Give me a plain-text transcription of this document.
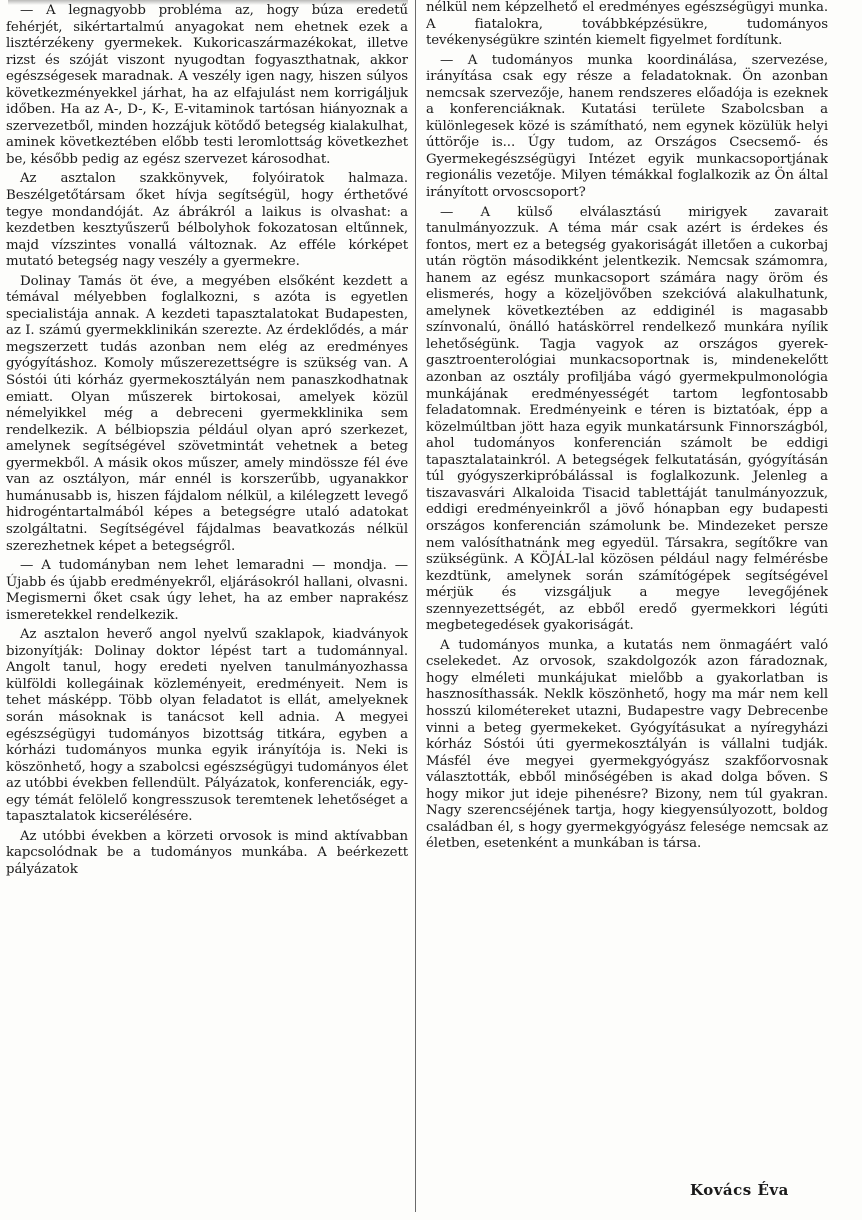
— A legnagyobb probléma az, hogy búza eredetű fehérjét, sikértartalmú anyagokat nem ehetnek ezek a lisztérzékeny gyermekek. Kukoricaszármazékokat, illetve rizst és szóját viszont nyugodtan fogyaszthatnak, akkor egészségesek maradnak. A veszély igen nagy, hiszen súlyos következményekkel járhat, ha az elfajulást nem korrigáljuk időben. Ha az A-, D-, K-, E-vitaminok tartósan hiányoznak a szervezetből, minden hozzájuk kötődő betegség kialakulhat, aminek következtében előbb testi leromlottság következhet be, később pedig az egész szervezet károsodhat.

Az asztalon szakkönyvek, folyóiratok halmaza. Beszélgetőtársam őket hívja segítségül, hogy érthetővé tegye mondandóját. Az ábrákról a laikus is olvashat: a kezdetben kesztyűszerű bélbolyhok fokozatosan eltűnnek, majd vízszintes vonallá változnak. Az efféle kórképet mutató betegség nagy veszély a gyermekre.

Dolinay Tamás öt éve, a megyében elsőként kezdett a témával mélyebben foglalkozni, s azóta is egyetlen specialistája annak. A kezdeti tapasztalatokat Budapesten, az I. számú gyermekklinikán szerezte. Az érdeklődés, a már megszerzett tudás azonban nem elég az eredményes gyógyításhoz. Komoly műszerezettségre is szükség van. A Sóstói úti kórház gyermekosztályán nem panaszkodhatnak emiatt. Olyan műszerek birtokosai, amelyek közül némelyikkel még a debreceni gyermekklinika sem rendelkezik. A bélbiopszia például olyan apró szerkezet, amelynek segítségével szövetmintát vehetnek a beteg gyermekből. A másik okos műszer, amely mindössze fél éve van az osztályon, már ennél is korszerűbb, ugyanakkor humánusabb is, hiszen fájdalom nélkül, a kilélegzett levegő hidrogéntartalmából képes a betegségre utaló adatokat szolgáltatni. Segítségével fájdalmas beavatkozás nélkül szerezhetnek képet a betegségről.

— A tudományban nem lehet lemaradni — mondja. — Újabb és újabb eredményekről, eljárásokról hallani, olvasni. Megismerni őket csak úgy lehet, ha az ember naprakész ismeretekkel rendelkezik.

Az asztalon heverő angol nyelvű szaklapok, kiadványok bizonyítják: Dolinay doktor lépést tart a tudománnyal. Angolt tanul, hogy eredeti nyelven tanulmányozhassa külföldi kollegáinak közleményeit, eredményeit. Nem is tehet másképp. Több olyan feladatot is ellát, amelyeknek során másoknak is tanácsot kell adnia. A megyei egészségügyi tudományos bizottság titkára, egyben a kórházi tudományos munka egyik irányítója is. Neki is köszönhető, hogy a szabolcsi egészségügyi tudományos élet az utóbbi években fellendült. Pályázatok, konferenciák, egy-egy témát felölelő kongresszusok teremtenek lehetőséget a tapasztalatok kicserélésére.

Az utóbbi években a körzeti orvosok is mind aktívabban kapcsolódnak be a tudományos munkába. A beérkezett pályázatok

nélkül nem képzelhető el eredményes egészségügyi munka. A fiatalokra, továbbképzésükre, tudományos tevékenységükre szintén kiemelt figyelmet fordítunk.

— A tudományos munka koordinálása, szervezése, irányítása csak egy része a feladatoknak. Ön azonban nemcsak szervezője, hanem rendszeres előadója is ezeknek a konferenciáknak. Kutatási területe Szabolcsban a különlegesek közé is számítható, nem egynek közülük helyi úttörője is... Úgy tudom, az Országos Csecsemő- és Gyermekegészségügyi Intézet egyik munkacsoportjának regionális vezetője. Milyen témákkal foglalkozik az Ön által irányított orvoscsoport?

— A külső elválasztású mirigyek zavarait tanulmányozzuk. A téma már csak azért is érdekes és fontos, mert ez a betegség gyakoriságát illetően a cukorbaj után rögtön másodikként jelentkezik. Nemcsak számomra, hanem az egész munkacsoport számára nagy öröm és elismerés, hogy a közeljövőben szekcióvá alakulhatunk, amelynek következtében az eddiginél is magasabb színvonalú, önálló hatáskörrel rendelkező munkára nyílik lehetőségünk. Tagja vagyok az országos gyerek-gasztroenterológiai munkacsoportnak is, mindenekelőtt azonban az osztály profiljába vágó gyermekpulmonológia munkájának eredményességét tartom legfontosabb feladatomnak. Eredményeink e téren is biztatóak, épp a közelmúltban jött haza egyik munkatársunk Finnországból, ahol tudományos konferencián számolt be eddigi tapasztalatainkról. A betegségek felkutatásán, gyógyításán túl gyógyszerkipróbálással is foglalkozunk. Jelenleg a tiszavasvári Alkaloida Tisacid tablettáját tanulmányozzuk, eddigi eredményeinkről a jövő hónapban egy budapesti országos konferencián számolunk be. Mindezeket persze nem valósíthatnánk meg egyedül. Társakra, segítőkre van szükségünk. A KÖJÁL-lal közösen például nagy felmérésbe kezdtünk, amelynek során számítógépek segítségével mérjük és vizsgáljuk a megye levegőjének szennyezettségét, az ebből eredő gyermekkori légúti megbetegedések gyakoriságát.

A tudományos munka, a kutatás nem önmagáért való cselekedet. Az orvosok, szakdolgozók azon fáradoznak, hogy elméleti munkájukat mielőbb a gyakorlatban is hasznosíthassák. Neklk köszönhető, hogy ma már nem kell hosszú kilométereket utazni, Budapestre vagy Debrecenbe vinni a beteg gyermekeket. Gyógyításukat a nyíregyházi kórház Sóstói úti gyermekosztályán is vállalni tudják. Másfél éve megyei gyermekgyógyász szakfőorvosnak választották, ebből minőségében is akad dolga bőven. S hogy mikor jut ideje pihenésre? Bizony, nem túl gyakran. Nagy szerencséjének tartja, hogy kiegyensúlyozott, boldog családban él, s hogy gyermekgyógyász felesége nemcsak az életben, esetenként a munkában is társa.

Kovács Éva
